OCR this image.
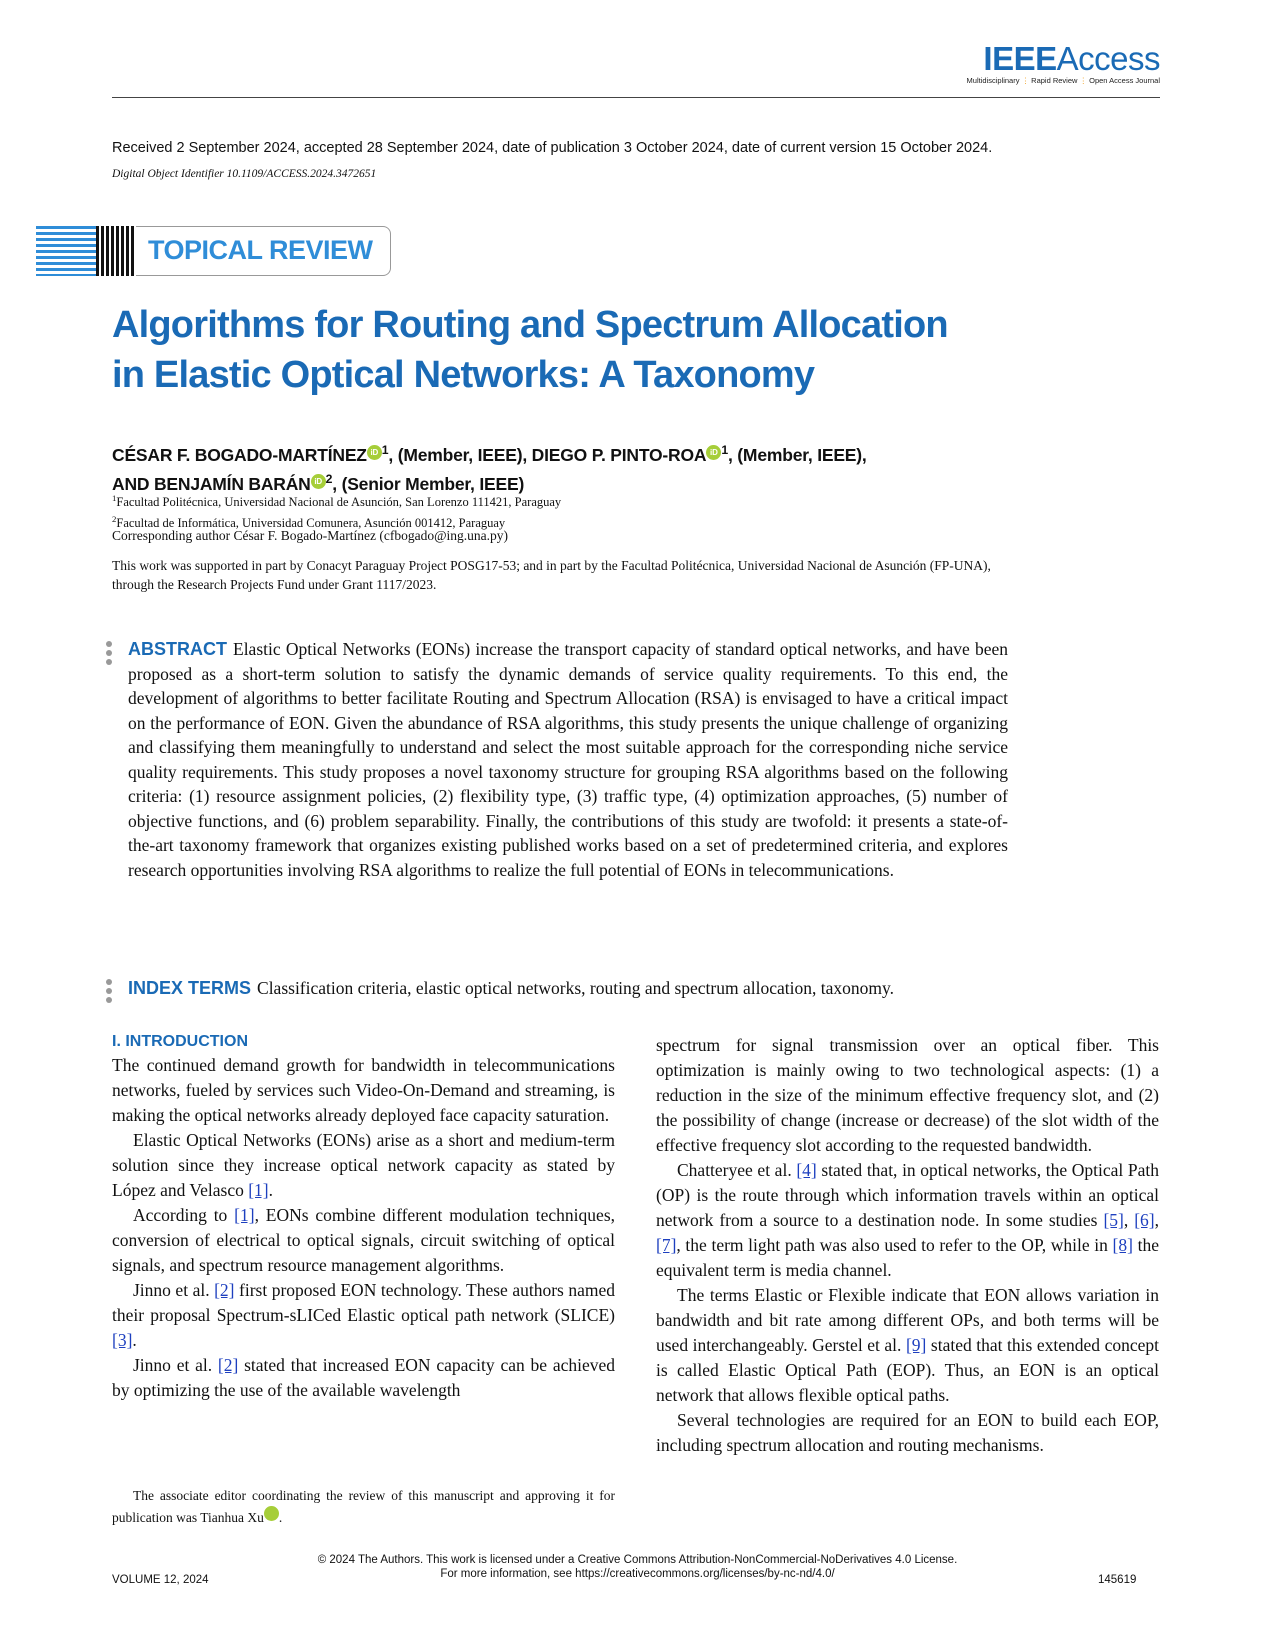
IEEEAccess
Multidisciplinary ⋮ Rapid Review ⋮ Open Access Journal
Received 2 September 2024, accepted 28 September 2024, date of publication 3 October 2024, date of current version 15 October 2024.
Digital Object Identifier 10.1109/ACCESS.2024.3472651
TOPICAL REVIEW
Algorithms for Routing and Spectrum Allocation
in Elastic Optical Networks: A Taxonomy
CÉSAR F. BOGADO-MARTÍNEZ iD $^1$, (Member, IEEE), DIEGO P. PINTO-ROA iD $^1$, (Member, IEEE),
AND BENJAMÍN BARÁN iD $^2$, (Senior Member, IEEE)
$^1$Facultad Politécnica, Universidad Nacional de Asunción, San Lorenzo 111421, Paraguay
$^2$Facultad de Informática, Universidad Comunera, Asunción 001412, Paraguay
Corresponding author César F. Bogado-Martínez (cfbogado@ing.una.py)
This work was supported in part by Conacyt Paraguay Project POSG17-53; and in part by the Facultad Politécnica, Universidad Nacional de Asunción (FP-UNA), through the Research Projects Fund under Grant 1117/2023.
ABSTRACT Elastic Optical Networks (EONs) increase the transport capacity of standard optical networks, and have been proposed as a short-term solution to satisfy the dynamic demands of service quality requirements. To this end, the development of algorithms to better facilitate Routing and Spectrum Allocation (RSA) is envisaged to have a critical impact on the performance of EON. Given the abundance of RSA algorithms, this study presents the unique challenge of organizing and classifying them meaningfully to understand and select the most suitable approach for the corresponding niche service quality requirements. This study proposes a novel taxonomy structure for grouping RSA algorithms based on the following criteria: (1) resource assignment policies, (2) flexibility type, (3) traffic type, (4) optimization approaches, (5) number of objective functions, and (6) problem separability. Finally, the contributions of this study are twofold: it presents a state-of-the-art taxonomy framework that organizes existing published works based on a set of predetermined criteria, and explores research opportunities involving RSA algorithms to realize the full potential of EONs in telecommunications.
INDEX TERMS Classification criteria, elastic optical networks, routing and spectrum allocation, taxonomy.
I. INTRODUCTION

The continued demand growth for bandwidth in telecommunications networks, fueled by services such Video-On-Demand and streaming, is making the optical networks already deployed face capacity saturation.

Elastic Optical Networks (EONs) arise as a short and medium-term solution since they increase optical network capacity as stated by López and Velasco [1].

According to [1], EONs combine different modulation techniques, conversion of electrical to optical signals, circuit switching of optical signals, and spectrum resource management algorithms.

Jinno et al. [2] first proposed EON technology. These authors named their proposal Spectrum-sLICed Elastic optical path network (SLICE) [3].

Jinno et al. [2] stated that increased EON capacity can be achieved by optimizing the use of the available wavelength

spectrum for signal transmission over an optical fiber. This optimization is mainly owing to two technological aspects: (1) a reduction in the size of the minimum effective frequency slot, and (2) the possibility of change (increase or decrease) of the slot width of the effective frequency slot according to the requested bandwidth.

Chatteryee et al. [4] stated that, in optical networks, the Optical Path (OP) is the route through which information travels within an optical network from a source to a destination node. In some studies [5], [6], [7], the term light path was also used to refer to the OP, while in [8] the equivalent term is media channel.

The terms Elastic or Flexible indicate that EON allows variation in bandwidth and bit rate among different OPs, and both terms will be used interchangeably. Gerstel et al. [9] stated that this extended concept is called Elastic Optical Path (EOP). Thus, an EON is an optical network that allows flexible optical paths.

Several technologies are required for an EON to build each EOP, including spectrum allocation and routing mechanisms.

The associate editor coordinating the review of this manuscript and approving it for publication was Tianhua Xu	iD.
© 2024 The Authors. This work is licensed under a Creative Commons Attribution-NonCommercial-NoDerivatives 4.0 License.
For more information, see https://creativecommons.org/licenses/by-nc-nd/4.0/
VOLUME 12, 2024	145619
